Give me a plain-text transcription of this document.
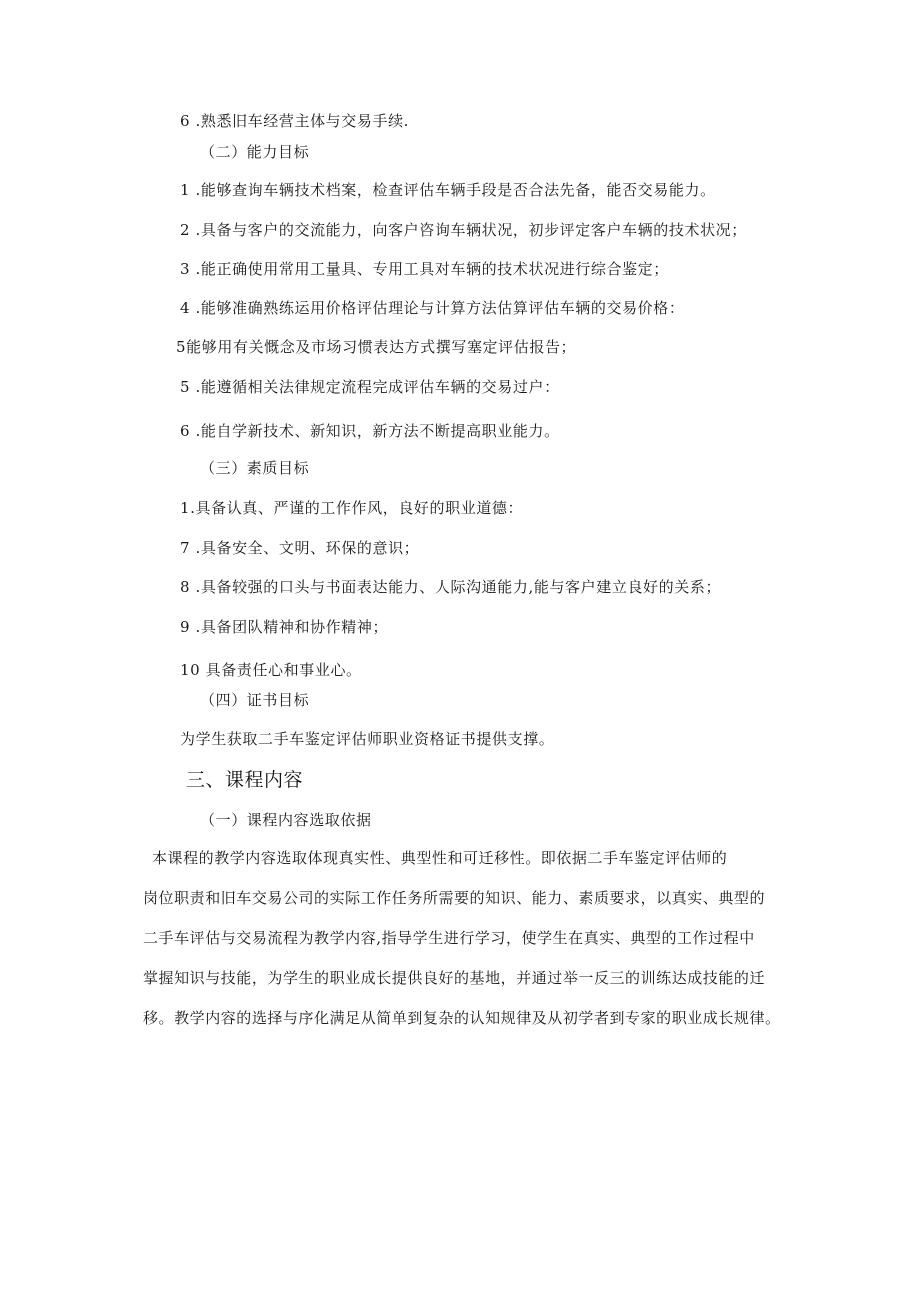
6 .熟悉旧车经营主体与交易手续.
（二）能力目标
1 .能够查询车辆技术档案，检查评估车辆手段是否合法先备，能否交易能力。
2 .具备与客户的交流能力，向客户咨询车辆状况，初步评定客户车辆的技术状况；
3 .能正确使用常用工量具、专用工具对车辆的技术状况进行综合鉴定；
4 .能够准确熟练运用价格评估理论与计算方法估算评估车辆的交易价格：
5能够用有关慨念及市场习惯表达方式撰写塞定评估报告；
5 .能遵循相关法律规定流程完成评估车辆的交易过户：
6 .能自学新技术、新知识，新方法不断提高职业能力。
（三）素质目标
1.具备认真、严谨的工作作风，良好的职业道德：
7 .具备安全、文明、环保的意识；
8 .具备较强的口头与书面表达能力、人际沟通能力,能与客户建立良好的关系；
9 .具备团队精神和协作精神；
10 具备责任心和事业心。
（四）证书目标
为学生获取二手车鉴定评估师职业资格证书提供支撑。
三、课程内容
（一）课程内容选取依据
本课程的教学内容选取体现真实性、典型性和可迁移性。即依据二手车鉴定评估师的
岗位职责和旧车交易公司的实际工作任务所需要的知识、能力、素质要求，以真实、典型的
二手车评估与交易流程为教学内容,指导学生进行学习，使学生在真实、典型的工作过程中
掌握知识与技能，为学生的职业成长提供良好的基地，并通过举一反三的训练达成技能的迁
移。教学内容的选择与序化满足从简单到复杂的认知规律及从初学者到专家的职业成长规律。
